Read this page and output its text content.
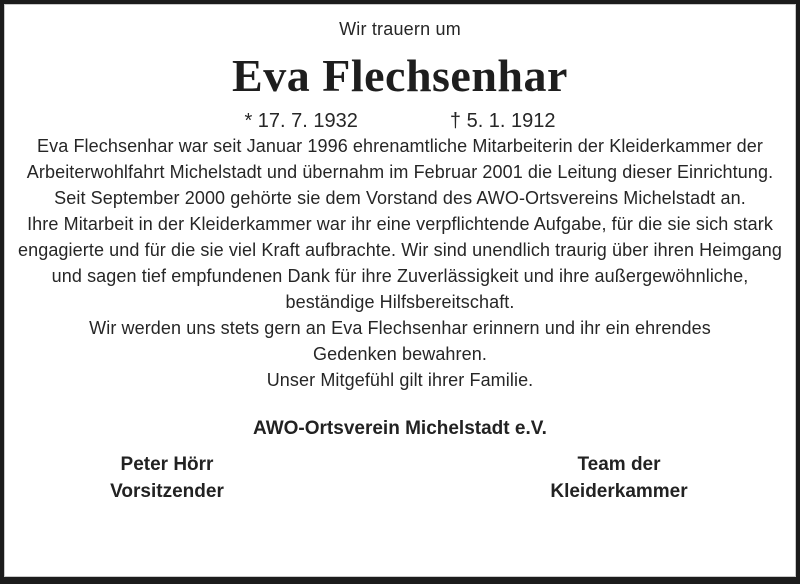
Wir trauern um
Eva Flechsenhar
* 17. 7. 1932	† 5. 1. 1912

Eva Flechsenhar war seit Januar 1996 ehrenamtliche Mitarbeiterin der Kleiderkammer der Arbeiterwohlfahrt Michelstadt und übernahm im Februar 2001 die Leitung dieser Einrichtung. Seit September 2000 gehörte sie dem Vorstand des AWO-Ortsvereins Michelstadt an.

Ihre Mitarbeit in der Kleiderkammer war ihr eine verpflichtende Aufgabe, für die sie sich stark engagierte und für die sie viel Kraft aufbrachte. Wir sind unendlich traurig über ihren Heimgang und sagen tief empfundenen Dank für ihre Zuverlässigkeit und ihre außergewöhnliche, beständige Hilfsbereitschaft.

Wir werden uns stets gern an Eva Flechsenhar erinnern und ihr ein ehrendes Gedenken bewahren.

Unser Mitgefühl gilt ihrer Familie.

AWO-Ortsverein Michelstadt e.V.
Peter Hörr
Vorsitzender
Team der
Kleiderkammer
